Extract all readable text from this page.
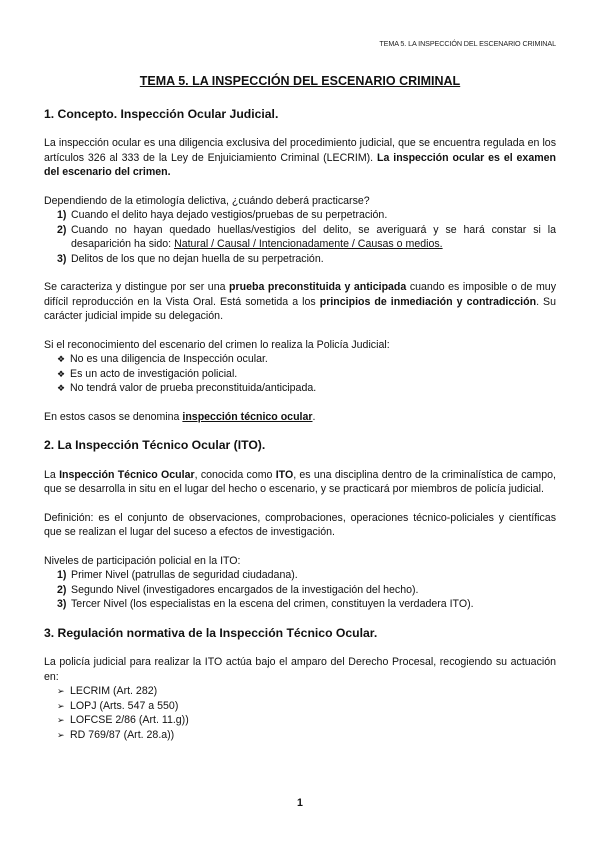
TEMA 5. LA INSPECCIÓN DEL ESCENARIO CRIMINAL
TEMA 5. LA INSPECCIÓN DEL ESCENARIO CRIMINAL
1. Concepto. Inspección Ocular Judicial.

La inspección ocular es una diligencia exclusiva del procedimiento judicial, que se encuentra regulada en los artículos 326 al 333 de la Ley de Enjuiciamiento Criminal (LECRIM). La inspección ocular es el examen del escenario del crimen.

Dependiendo de la etimología delictiva, ¿cuándo deberá practicarse?

1) Cuando el delito haya dejado vestigios/pruebas de su perpetración.
2) Cuando no hayan quedado huellas/vestigios del delito, se averiguará y se hará constar si la desaparición ha sido: Natural / Causal / Intencionadamente / Causas o medios.
3) Delitos de los que no dejan huella de su perpetración.

Se caracteriza y distingue por ser una prueba preconstituida y anticipada cuando es imposible o de muy difícil reproducción en la Vista Oral. Está sometida a los principios de inmediación y contradicción. Su carácter judicial impide su delegación.

Si el reconocimiento del escenario del crimen lo realiza la Policía Judicial:

❖ No es una diligencia de Inspección ocular.
❖ Es un acto de investigación policial.
❖ No tendrá valor de prueba preconstituida/anticipada.

En estos casos se denomina inspección técnico ocular.

2. La Inspección Técnico Ocular (ITO).

La Inspección Técnico Ocular, conocida como ITO, es una disciplina dentro de la criminalística de campo, que se desarrolla in situ en el lugar del hecho o escenario, y se practicará por miembros de policía judicial.

Definición: es el conjunto de observaciones, comprobaciones, operaciones técnico-policiales y científicas que se realizan el lugar del suceso a efectos de investigación.

Niveles de participación policial en la ITO:

1) Primer Nivel (patrullas de seguridad ciudadana).
2) Segundo Nivel (investigadores encargados de la investigación del hecho).
3) Tercer Nivel (los especialistas en la escena del crimen, constituyen la verdadera ITO).
3. Regulación normativa de la Inspección Técnico Ocular.

La policía judicial para realizar la ITO actúa bajo el amparo del Derecho Procesal, recogiendo su actuación en:

➢ LECRIM (Art. 282)
➢ LOPJ (Arts. 547 a 550)
➢ LOFCSE 2/86 (Art. 11.g))
➢ RD 769/87 (Art. 28.a))
1
